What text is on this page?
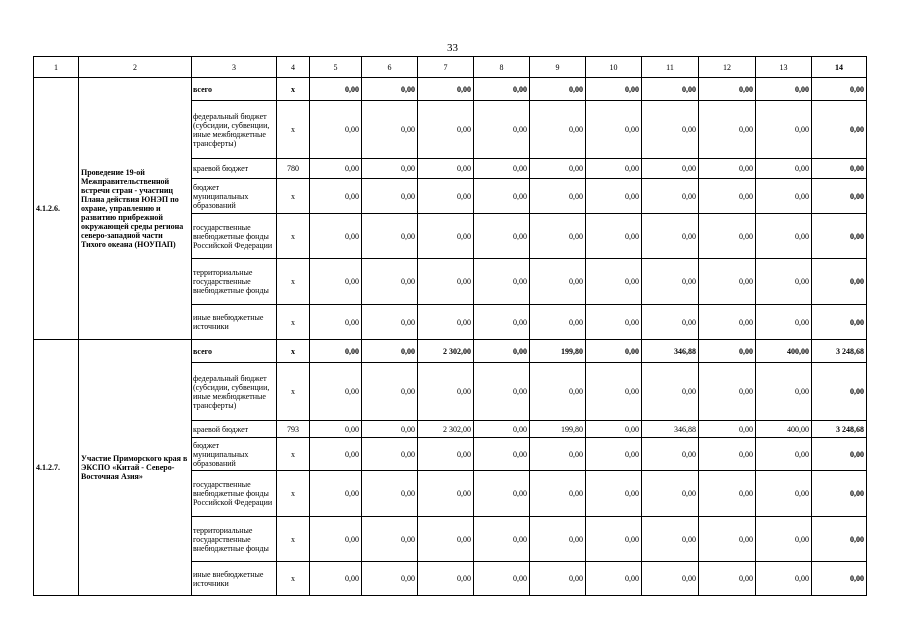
33
1	2	3	4	5	6	7	8	9	10	11	12	13	14
4.1.2.6.	Проведение 19-ой Межправительственной встречи стран - участниц Плана действия ЮНЭП по охране, управлению и развитию прибрежной окружающей среды региона северо-западной части Тихого океана (НОУПАП)	всего	x	0,00	0,00	0,00	0,00	0,00	0,00	0,00	0,00	0,00	0,00
		федеральный бюджет (субсидии, субвенции, иные межбюджетные трансферты)	x	0,00	0,00	0,00	0,00	0,00	0,00	0,00	0,00	0,00	0,00
		краевой бюджет	780	0,00	0,00	0,00	0,00	0,00	0,00	0,00	0,00	0,00	0,00
		бюджет муниципальных образований	x	0,00	0,00	0,00	0,00	0,00	0,00	0,00	0,00	0,00	0,00
		государственные внебюджетные фонды Российской Федерации	x	0,00	0,00	0,00	0,00	0,00	0,00	0,00	0,00	0,00	0,00
		территориальные государственные внебюджетные фонды	x	0,00	0,00	0,00	0,00	0,00	0,00	0,00	0,00	0,00	0,00
		иные внебюджетные источники	x	0,00	0,00	0,00	0,00	0,00	0,00	0,00	0,00	0,00	0,00
4.1.2.7.	Участие Приморского края в ЭКСПО «Китай - Северо-Восточная Азия»	всего	x	0,00	0,00	2 302,00	0,00	199,80	0,00	346,88	0,00	400,00	3 248,68
		федеральный бюджет (субсидии, субвенции, иные межбюджетные трансферты)	x	0,00	0,00	0,00	0,00	0,00	0,00	0,00	0,00	0,00	0,00
		краевой бюджет	793	0,00	0,00	2 302,00	0,00	199,80	0,00	346,88	0,00	400,00	3 248,68
		бюджет муниципальных образований	x	0,00	0,00	0,00	0,00	0,00	0,00	0,00	0,00	0,00	0,00
		государственные внебюджетные фонды Российской Федерации	x	0,00	0,00	0,00	0,00	0,00	0,00	0,00	0,00	0,00	0,00
		территориальные государственные внебюджетные фонды	x	0,00	0,00	0,00	0,00	0,00	0,00	0,00	0,00	0,00	0,00
		иные внебюджетные источники	x	0,00	0,00	0,00	0,00	0,00	0,00	0,00	0,00	0,00	0,00
